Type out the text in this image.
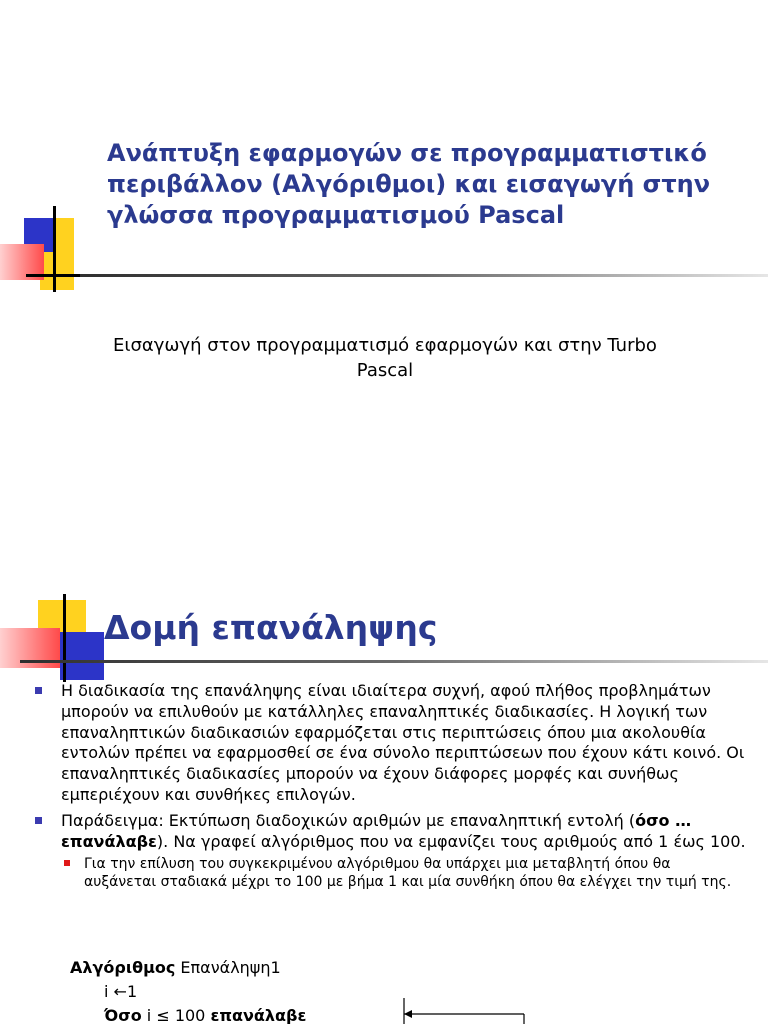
Ανάπτυξη εφαρμογών σε προγραμματιστικό περιβάλλον (Αλγόριθμοι) και εισαγωγή στην γλώσσα προγραμματισμού Pascal

Εισαγωγή στον προγραμματισμό εφαρμογών και στην Turbo Pascal

Δομή επανάληψης
Η διαδικασία της επανάληψης είναι ιδιαίτερα συχνή, αφού πλήθος προβλημάτων μπορούν να επιλυθούν με κατάλληλες επαναληπτικές διαδικασίες. Η λογική των επαναληπτικών διαδικασιών εφαρμόζεται στις περιπτώσεις όπου μια ακολουθία εντολών πρέπει να εφαρμοσθεί σε ένα σύνολο περιπτώσεων που έχουν κάτι κοινό. Οι επαναληπτικές διαδικασίες μπορούν να έχουν διάφορες μορφές και συνήθως εμπεριέχουν και συνθήκες επιλογών.
Παράδειγμα: Εκτύπωση διαδοχικών αριθμών με επαναληπτική εντολή (όσο … επανάλαβε). Να γραφεί αλγόριθμος που να εμφανίζει τους αριθμούς από 1 έως 100.
Για την επίλυση του συγκεκριμένου αλγόριθμου θα υπάρχει μια μεταβλητή όπου θα αυξάνεται σταδιακά μέχρι το 100 με βήμα 1 και μία συνθήκη όπου θα ελέγχει την τιμή της.
Αλγόριθμος Επανάληψη1
i ←1
Όσο i ≤ 100 επανάλαβε
